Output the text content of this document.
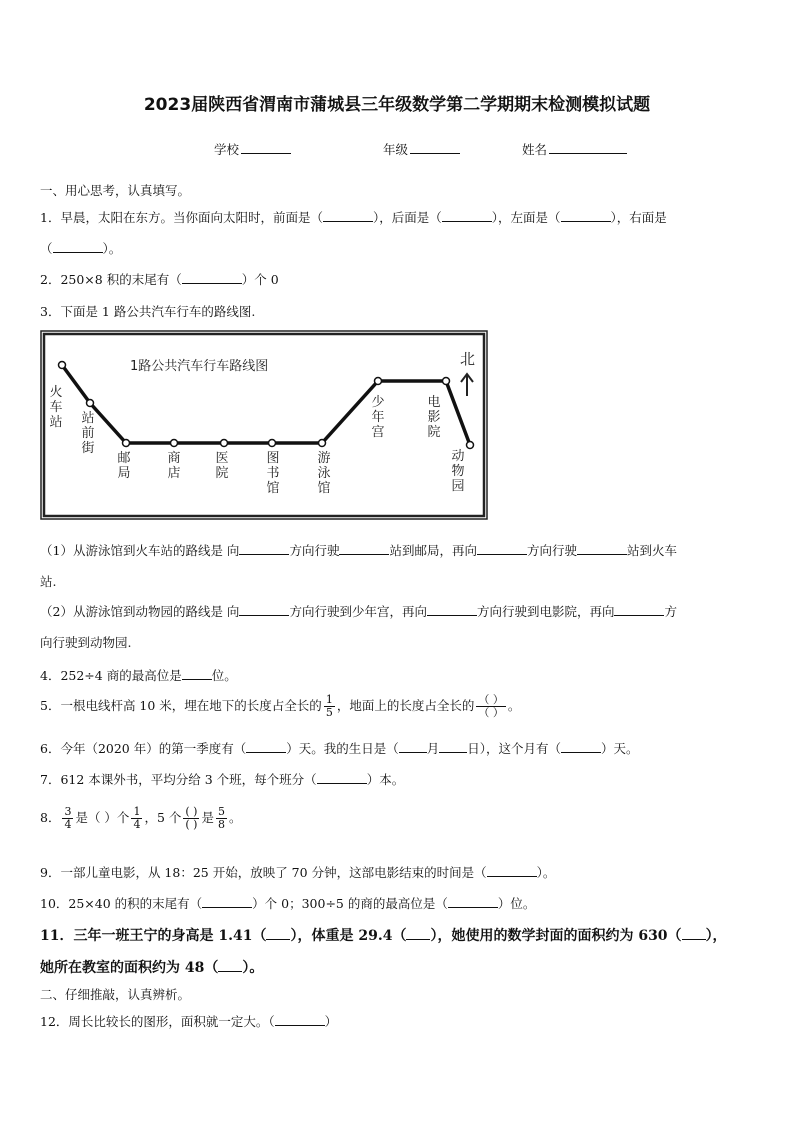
2023届陕西省渭南市蒲城县三年级数学第二学期期末检测模拟试题
学校	年级	姓名
一、用心思考，认真填写。
1．早晨，太阳在东方。当你面向太阳时，前面是（	），后面是（	），左面是（	），右面是
（	）。
2．250×8 积的末尾有（	）个 0
3．下面是 1 路公共汽车行车的路线图.
1路公共汽车行车路线图	北
火车站 站前街
邮局
商店
医院
图书馆
游泳馆
少年宫
电影院
动物园
（1）从游泳馆到火车站的路线是 向	方向行驶	站到邮局，再向	方向行驶	站到火车
站.
（2）从游泳馆到动物园的路线是 向	方向行驶到少年宫，再向	方向行驶到电影院，再向	方
向行驶到动物园.
4．252÷4 商的最高位是 位。
5．一根电线杆高 10 米，埋在地下的长度占全长的 $\frac{1}{5}$ ，地面上的长度占全长的 $\frac{( )}{( )}$ 。
6．今年（2020 年）的第一季度有（	）天。我的生日是（ 月 日），这个月有（	）天。
7．612 本课外书，平均分给 3 个班，每个班分（	）本。
8． $\frac{3}{4}$ 是（ ）个 $\frac{1}{4}$ ，5 个 $\frac{( )}{( )}$ 是 $\frac{5}{8}$ 。
9．一部儿童电影，从 18：25 开始，放映了 70 分钟，这部电影结束的时间是（	）。
10．25×40 的积的末尾有（	）个 0；300÷5 的商的最高位是（	）位。
11．三年一班王宁的身高是 1.41（ ），体重是 29.4（ ），她使用的数学封面的面积约为 630（ ），
她所在教室的面积约为 48（ ）。
二、仔细推敲，认真辨析。
12．周长比较长的图形，面积就一定大。（	）
